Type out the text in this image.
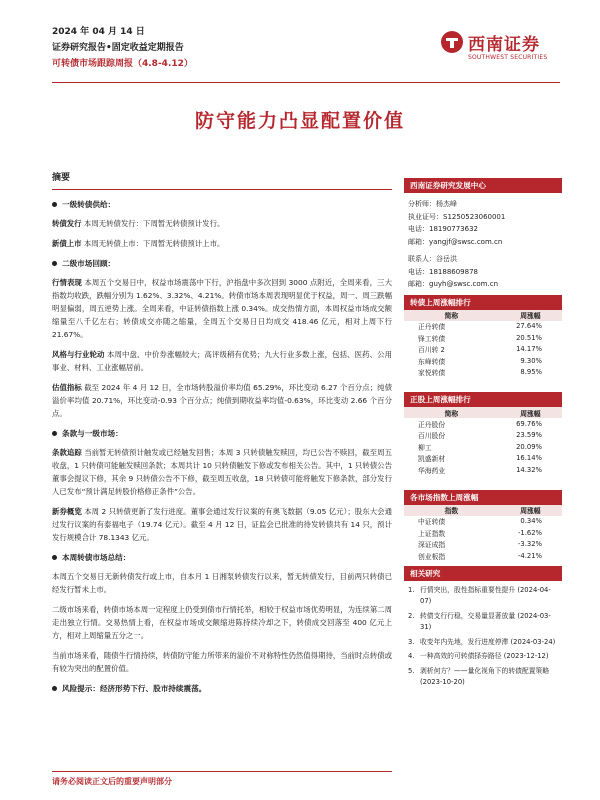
2024 年 04 月 14 日
证券研究报告•固定收益定期报告
可转债市场跟踪周报（4.8-4.12）
西南证券
SOUTHWEST SECURITIES
防守能力凸显配置价值
摘要
一级转债供给：
转债发行 本周无转债发行：下周暂无转债预计发行。
新债上市 本周无转债上市：下周暂无转债预计上市。
二级市场回顾：
行情表现 本周五个交易日中，权益市场震荡中下行，沪指盘中多次回到 3000 点附近，全周来看，三大指数均收跌，跌幅分别为 1.62%、3.32%、4.21%。转债市场本周表现明显优于权益，周一、周三跌幅明显偏弱，周五逆势上涨。全周来看，中证转债指数上涨 0.34%。成交热情方面，本周权益市场成交额缩量至八千亿左右；转债成交亦随之缩量，全周五个交易日日均成交 418.46 亿元，相对上周下行 21.67%。
风格与行业轮动 本周中盘、中价券涨幅较大；高评级稍有优势；九大行业多数上涨，包括、医药、公用事业、材料、工业涨幅居前。
估值指标 截至 2024 年 4 月 12 日，全市场转股溢价率均值 65.29%，环比变动 6.27 个百分点；纯债溢价率均值 20.71%，环比变动-0.93 个百分点；纯债到期收益率均值-0.63%，环比变动 2.66 个百分点。
条款与一级市场：
条款追踪 当前暂无转债预计触发或已经触发回售；本周 3 只转债触发赎回，均已公告不赎回，截至周五收盘，1 只转债可能触发赎回条款；本周共计 10 只转债触发下修或发布相关公告。其中，1 只转债公告董事会提议下修，其余 9 只转债公告不下修，截至周五收盘，18 只转债可能将触发下修条款，部分发行人已发布“预计满足转股价格修正条件”公告。
新券概览 本周 2 只转债更新了发行进度。董事会通过发行议案的有奥飞数据（9.05 亿元）；股东大会通过发行议案的有泰福电子（19.74 亿元）。截至 4 月 12 日，证监会已批准的待发转债共有 14 只，预计发行规模合计 78.1343 亿元。
本周转债市场总结：
本周五个交易日无新转债发行或上市，自本月 1 日湘泵转债发行以来，暂无转债发行，目前两只转债已经发行暂未上市。
二级市场来看，转债市场本周一定程度上仍受到债市行情托举，相较于权益市场优势明显，为连续第二周走出独立行情。交易热情上看，在权益市场成交额缩进陈持续冷却之下，转债成交回落至 400 亿元上方，相对上周缩量五分之一。
当前市场来看，随债牛行情持续，转债防守能力所带来的溢价不对称特性仍然值得期待，当前时点转债或有较为突出的配置价值。
风险提示：经济形势下行、股市持续震荡。
请务必阅读正文后的重要声明部分
西南证券研究发展中心
分析师：杨杰峰
执业证号：S1250523060001
电话：18190773632
邮箱：yangjf@swsc.com.cn
联系人：谷岳洪
电话：18188609878
邮箱：guyh@swsc.com.cn
转债上周涨幅排行
简称	周涨幅
正丹转债	27.64%
锋工转债	20.51%
百川转 2	14.17%
东峰转债	9.30%
家悦转债	8.95%
正股上周涨幅排行
简称	周涨幅
正丹股份	69.76%
百川股份	23.59%
柳工	20.09%
凯盛新材	16.14%
华海药业	14.32%
各市场指数上周涨幅
指数	周涨幅
中证转债	0.34%
上证指数	-1.62%
深证成指	-3.32%
创业板指	-4.21%
相关研究
1. 行情突出，股性指标重要性提升 (2024-04-07)
2. 转债支行行稳，交易量显著放量 (2024-03-31)
3. 收变年内先地，发行进度停滞 (2024-03-24)
4. 一种高效的可转债择券路径 (2023-12-12)
5. 剥析何方？——量化视角下的转债配置策略 (2023-10-20)
